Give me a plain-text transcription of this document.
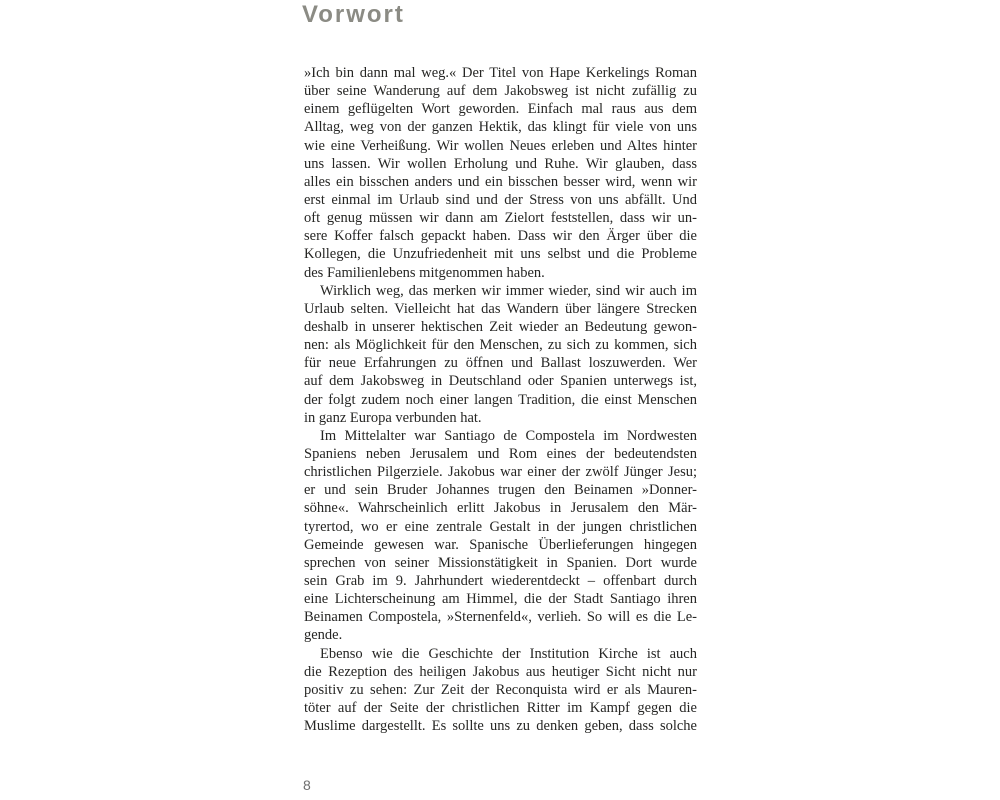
Vorwort

»Ich bin dann mal weg.« Der Titel von Hape Kerkelings Roman
über seine Wanderung auf dem Jakobsweg ist nicht zufällig zu
einem geflügelten Wort geworden. Einfach mal raus aus dem
Alltag, weg von der ganzen Hektik, das klingt für viele von uns
wie eine Verheißung. Wir wollen Neues erleben und Altes hinter
uns lassen. Wir wollen Erholung und Ruhe. Wir glauben, dass
alles ein bisschen anders und ein bisschen besser wird, wenn wir
erst einmal im Urlaub sind und der Stress von uns abfällt. Und
oft genug müssen wir dann am Zielort feststellen, dass wir un-
sere Koffer falsch gepackt haben. Dass wir den Ärger über die
Kollegen, die Unzufriedenheit mit uns selbst und die Probleme
des Familienlebens mitgenommen haben.

Wirklich weg, das merken wir immer wieder, sind wir auch im
Urlaub selten. Vielleicht hat das Wandern über längere Strecken
deshalb in unserer hektischen Zeit wieder an Bedeutung gewon-
nen: als Möglichkeit für den Menschen, zu sich zu kommen, sich
für neue Erfahrungen zu öffnen und Ballast loszuwerden. Wer
auf dem Jakobsweg in Deutschland oder Spanien unterwegs ist,
der folgt zudem noch einer langen Tradition, die einst Menschen
in ganz Europa verbunden hat.

Im Mittelalter war Santiago de Compostela im Nordwesten
Spaniens neben Jerusalem und Rom eines der bedeutendsten
christlichen Pilgerziele. Jakobus war einer der zwölf Jünger Jesu;
er und sein Bruder Johannes trugen den Beinamen »Donner-
söhne«. Wahrscheinlich erlitt Jakobus in Jerusalem den Mär-
tyrertod, wo er eine zentrale Gestalt in der jungen christlichen
Gemeinde gewesen war. Spanische Überlieferungen hingegen
sprechen von seiner Missionstätigkeit in Spanien. Dort wurde
sein Grab im 9. Jahrhundert wiederentdeckt – offenbart durch
eine Lichterscheinung am Himmel, die der Stadt Santiago ihren
Beinamen Compostela, »Sternenfeld«, verlieh. So will es die Le-
gende.

Ebenso wie die Geschichte der Institution Kirche ist auch
die Rezeption des heiligen Jakobus aus heutiger Sicht nicht nur
positiv zu sehen: Zur Zeit der Reconquista wird er als Mauren-
töter auf der Seite der christlichen Ritter im Kampf gegen die
Muslime dargestellt. Es sollte uns zu denken geben, dass solche

8
